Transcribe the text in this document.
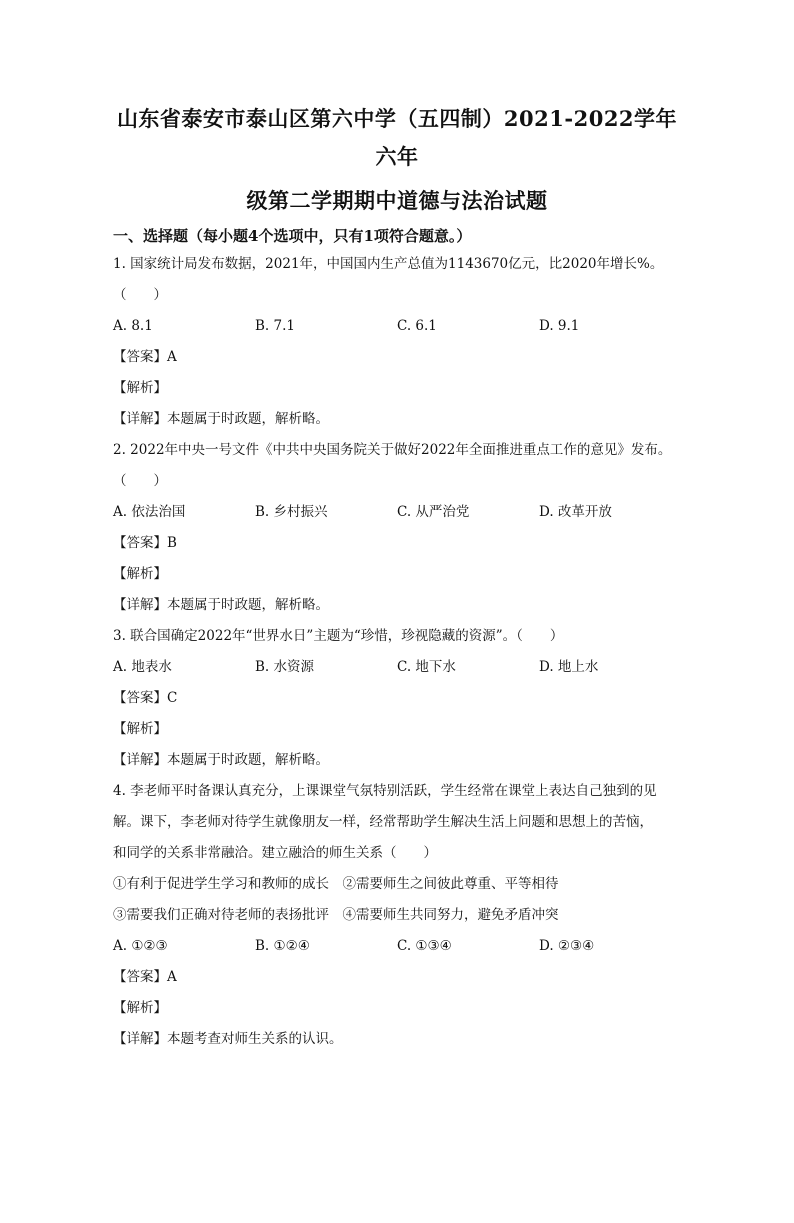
山东省泰安市泰山区第六中学（五四制）2021-2022学年六年
级第二学期期中道德与法治试题
一、选择题（每小题4个选项中，只有1项符合题意。）
1. 国家统计局发布数据，2021年，中国国内生产总值为1143670亿元，比2020年增长%。
（　　）
A. 8.1	B. 7.1	C. 6.1	D. 9.1
【答案】A
【解析】
【详解】本题属于时政题，解析略。
2. 2022年中央一号文件《中共中央国务院关于做好2022年全面推进重点工作的意见》发布。
（　　）
A. 依法治国	B. 乡村振兴	C. 从严治党	D. 改革开放
【答案】B
【解析】
【详解】本题属于时政题，解析略。
3. 联合国确定2022年“世界水日”主题为“珍惜，珍视隐藏的资源”。（　　）
A. 地表水	B. 水资源	C. 地下水	D. 地上水
【答案】C
【解析】
【详解】本题属于时政题，解析略。
4. 李老师平时备课认真充分，上课课堂气氛特别活跃，学生经常在课堂上表达自己独到的见
解。课下，李老师对待学生就像朋友一样，经常帮助学生解决生活上问题和思想上的苦恼，
和同学的关系非常融洽。建立融洽的师生关系（　　）
①有利于促进学生学习和教师的成长　②需要师生之间彼此尊重、平等相待
③需要我们正确对待老师的表扬批评　④需要师生共同努力，避免矛盾冲突
A. ①②③	B. ①②④	C. ①③④	D. ②③④
【答案】A
【解析】
【详解】本题考查对师生关系的认识。
